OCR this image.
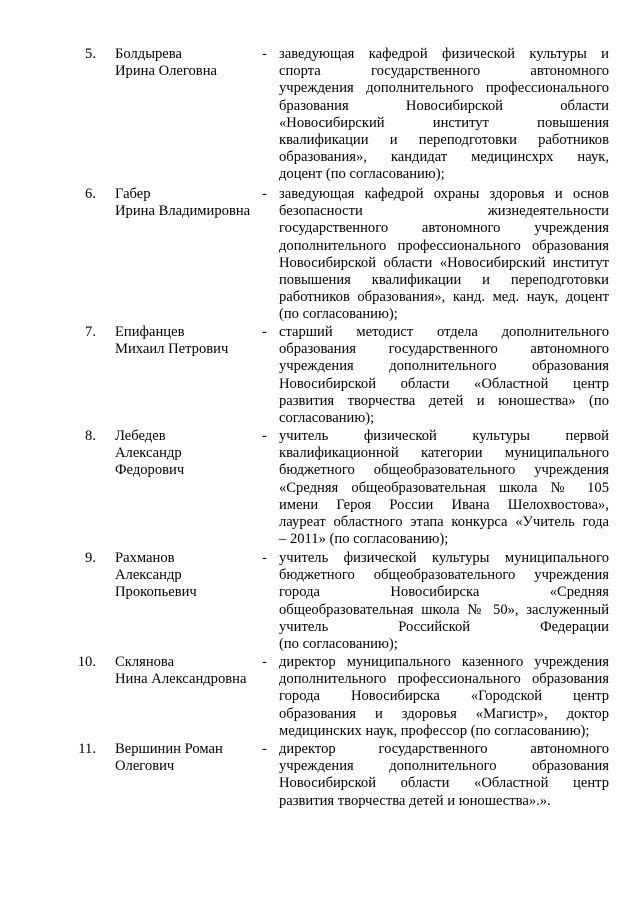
5. Болдырева
Ирина Олеговна
- заведующая кафедрой физической культуры и
спорта государственного автономного
учреждения дополнительного профессионального
бразования Новосибирской области
«Новосибирский институт повышения
квалификации и переподготовки работников
образования», кандидат медицинсхрх наук,
доцент (по согласованию);
6. Габер
Ирина Владимировна
- заведующая кафедрой охраны здоровья и основ
безопасности жизнедеятельности
государственного автономного учреждения
дополнительного профессионального образования
Новосибирской области «Новосибирский институт
повышения квалификации и переподготовки
работников образования», канд. мед. наук, доцент
(по согласованию);
7. Епифанцев
Михаил Петрович
- старший методист отдела дополнительного
образования государственного автономного
учреждения дополнительного образования
Новосибирской области «Областной центр
развития творчества детей и юношества» (по
согласованию);
8. Лебедев
Александр
Федорович
- учитель физической культуры первой
квалификационной категории муниципального
бюджетного общеобразовательного учреждения
«Средняя общеобразовательная школа № 105
имени Героя России Ивана Шелохвостова»,
лауреат областного этапа конкурса «Учитель года
– 2011» (по согласованию);
9. Рахманов
Александр
Прокопьевич
- учитель физической культуры муниципального
бюджетного общеобразовательного учреждения
города Новосибирска «Средняя
общеобразовательная школа № 50», заслуженный
учитель Российской Федерации
(по согласованию);
10. Склянова
Нина Александровна
- директор муниципального казенного учреждения
дополнительного профессионального образования
города Новосибирска «Городской центр
образования и здоровья «Магистр», доктор
медицинских наук, профессор (по согласованию);
11. Вершинин Роман
Олегович
- директор государственного автономного
учреждения дополнительного образования
Новосибирской области «Областной центр
развития творчества детей и юношества».».
